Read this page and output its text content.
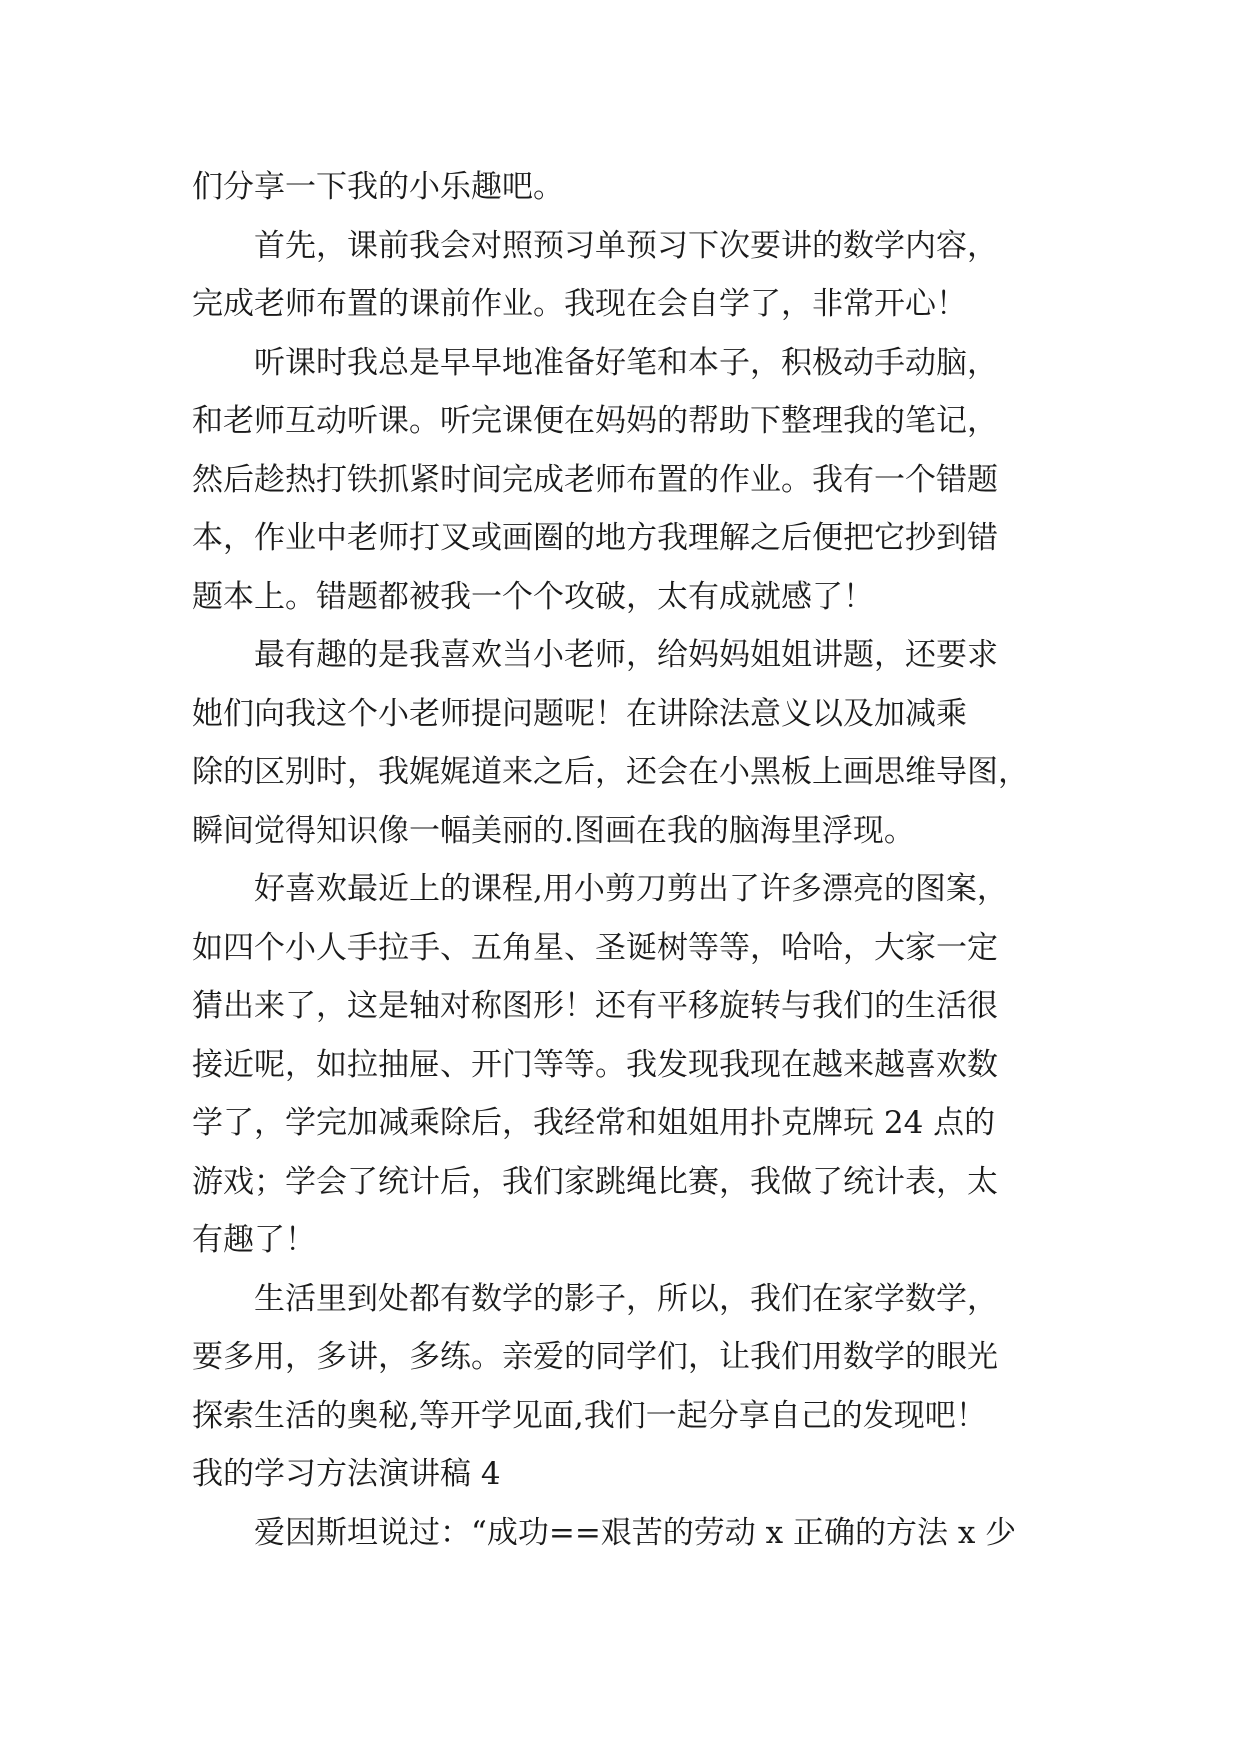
们分享一下我的小乐趣吧。

首先，课前我会对照预习单预习下次要讲的数学内容，

完成老师布置的课前作业。我现在会自学了，非常开心！

听课时我总是早早地准备好笔和本子，积极动手动脑，

和老师互动听课。听完课便在妈妈的帮助下整理我的笔记，

然后趁热打铁抓紧时间完成老师布置的作业。我有一个错题

本，作业中老师打叉或画圈的地方我理解之后便把它抄到错

题本上。错题都被我一个个攻破，太有成就感了！

最有趣的是我喜欢当小老师，给妈妈姐姐讲题，还要求

她们向我这个小老师提问题呢！在讲除法意义以及加减乘

除的区别时，我娓娓道来之后，还会在小黑板上画思维导图，

瞬间觉得知识像一幅美丽的.图画在我的脑海里浮现。

好喜欢最近上的课程,用小剪刀剪出了许多漂亮的图案，

如四个小人手拉手、五角星、圣诞树等等，哈哈，大家一定

猜出来了，这是轴对称图形！还有平移旋转与我们的生活很

接近呢，如拉抽屉、开门等等。我发现我现在越来越喜欢数

学了，学完加减乘除后，我经常和姐姐用扑克牌玩 24 点的

游戏；学会了统计后，我们家跳绳比赛，我做了统计表，太

有趣了！

生活里到处都有数学的影子，所以，我们在家学数学，

要多用，多讲，多练。亲爱的同学们，让我们用数学的眼光

探索生活的奥秘,等开学见面,我们一起分享自己的发现吧！

我的学习方法演讲稿 4

爱因斯坦说过：“成功==艰苦的劳动 x 正确的方法 x 少
